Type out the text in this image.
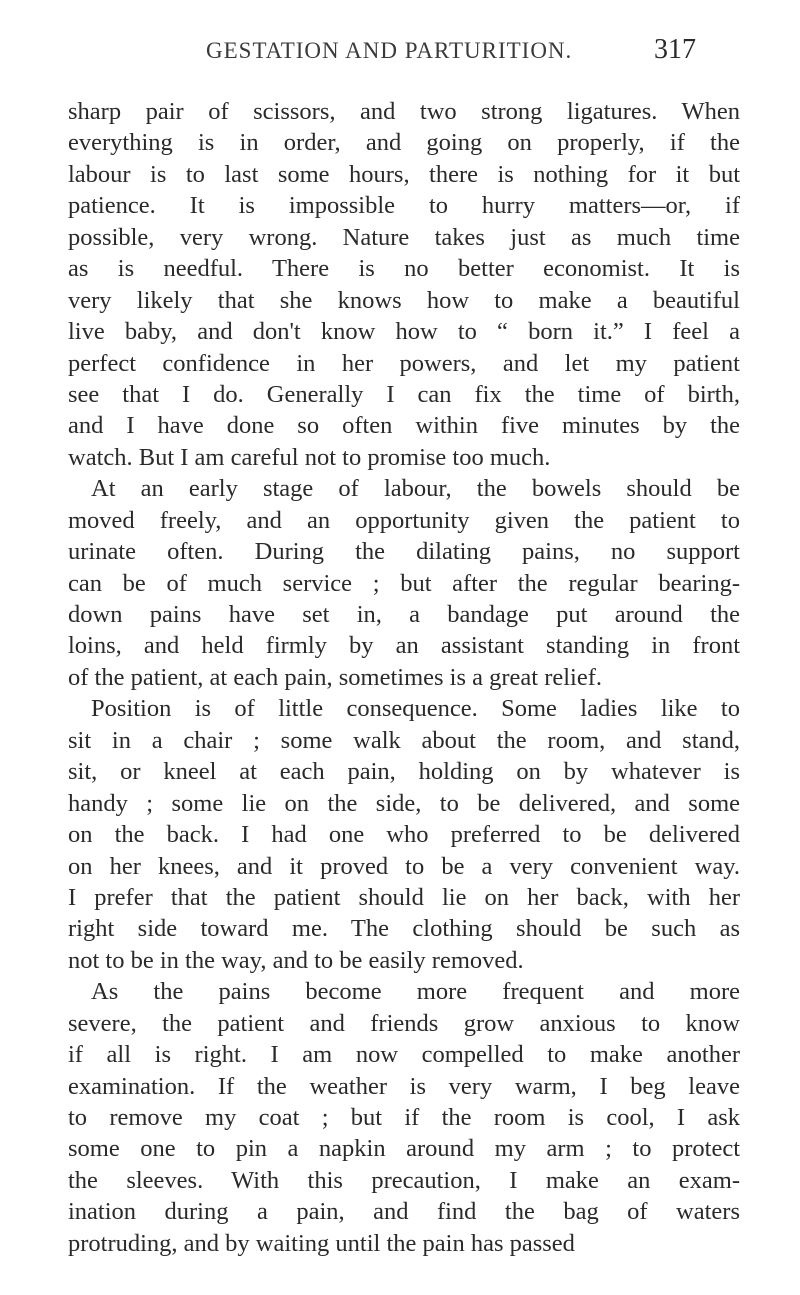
GESTATION AND PARTURITION.	317
sharp pair of scissors, and two strong ligatures. When
everything is in order, and going on properly, if the
labour is to last some hours, there is nothing for it but
patience. It is impossible to hurry matters—or, if
possible, very wrong. Nature takes just as much time
as is needful. There is no better economist. It is
very likely that she knows how to make a beautiful
live baby, and don't know how to “ born it.” I feel a
perfect confidence in her powers, and let my patient
see that I do. Generally I can fix the time of birth,
and I have done so often within five minutes by the
watch. But I am careful not to promise too much.
At an early stage of labour, the bowels should be
moved freely, and an opportunity given the patient to
urinate often. During the dilating pains, no support
can be of much service ; but after the regular bearing-
down pains have set in, a bandage put around the
loins, and held firmly by an assistant standing in front
of the patient, at each pain, sometimes is a great relief.
Position is of little consequence. Some ladies like to
sit in a chair ; some walk about the room, and stand,
sit, or kneel at each pain, holding on by whatever is
handy ; some lie on the side, to be delivered, and some
on the back. I had one who preferred to be delivered
on her knees, and it proved to be a very convenient way.
I prefer that the patient should lie on her back, with her
right side toward me. The clothing should be such as
not to be in the way, and to be easily removed.
As the pains become more frequent and more
severe, the patient and friends grow anxious to know
if all is right. I am now compelled to make another
examination. If the weather is very warm, I beg leave
to remove my coat ; but if the room is cool, I ask
some one to pin a napkin around my arm ; to protect
the sleeves. With this precaution, I make an exam-
ination during a pain, and find the bag of waters
protruding, and by waiting until the pain has passed
